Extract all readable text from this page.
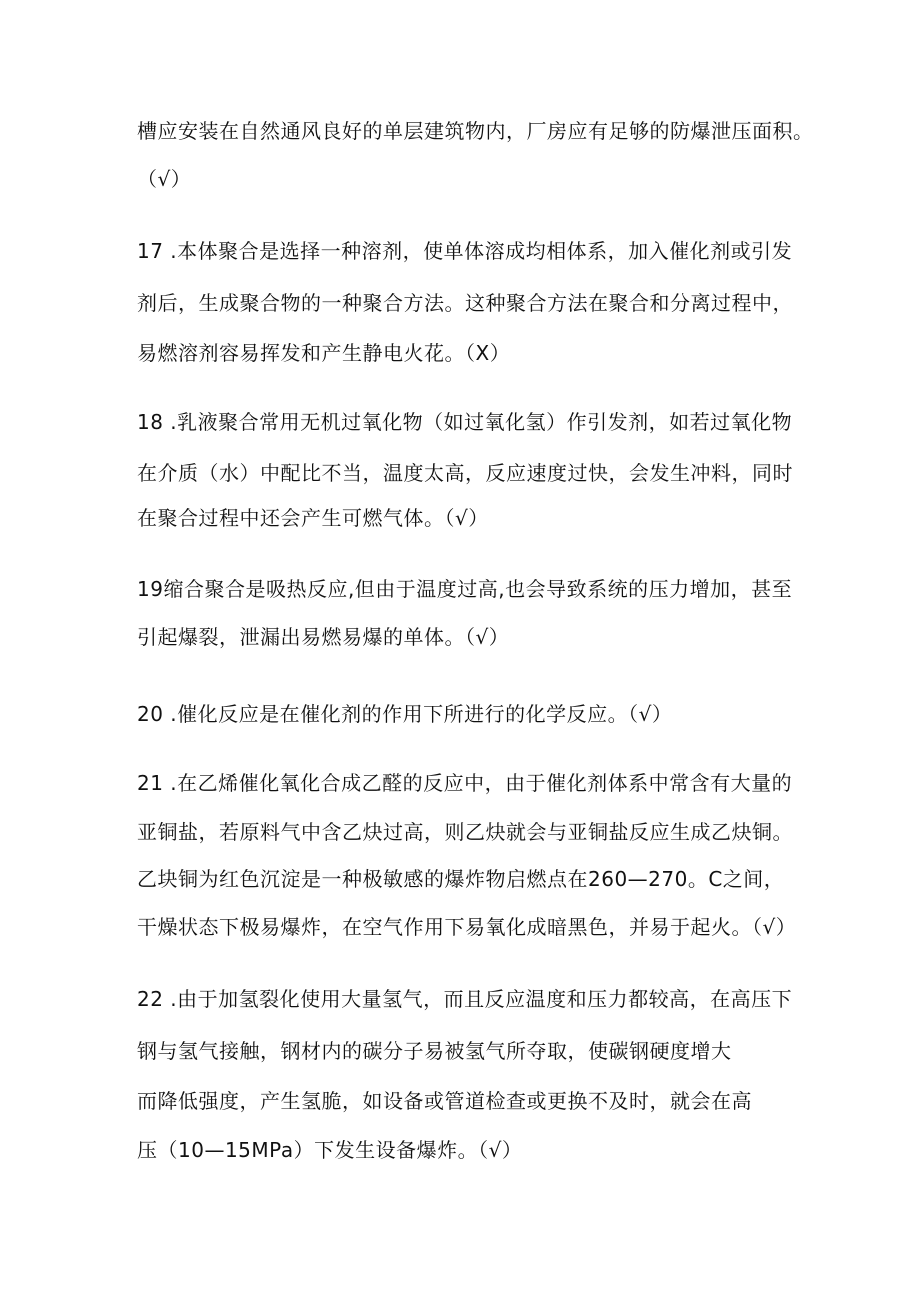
槽应安装在自然通风良好的单层建筑物内，厂房应有足够的防爆泄压面积。
（√）
17 .本体聚合是选择一种溶剂，使单体溶成均相体系，加入催化剂或引发
剂后，生成聚合物的一种聚合方法。这种聚合方法在聚合和分离过程中，
易燃溶剂容易挥发和产生静电火花。（X）
18 .乳液聚合常用无机过氧化物（如过氧化氢）作引发剂，如若过氧化物
在介质（水）中配比不当，温度太高，反应速度过快，会发生冲料，同时
在聚合过程中还会产生可燃气体。（√）
19缩合聚合是吸热反应,但由于温度过高,也会导致系统的压力增加，甚至
引起爆裂，泄漏出易燃易爆的单体。（√）
20 .催化反应是在催化剂的作用下所进行的化学反应。（√）
21 .在乙烯催化氧化合成乙醛的反应中，由于催化剂体系中常含有大量的
亚铜盐，若原料气中含乙炔过高，则乙炔就会与亚铜盐反应生成乙炔铜。
乙块铜为红色沉淀是一种极敏感的爆炸物启燃点在260—270。C之间，
干燥状态下极易爆炸，在空气作用下易氧化成暗黑色，并易于起火。（√）
22 .由于加氢裂化使用大量氢气，而且反应温度和压力都较高，在高压下
钢与氢气接触，钢材内的碳分子易被氢气所夺取，使碳钢硬度增大
而降低强度，产生氢脆，如设备或管道检查或更换不及时，就会在高
压（10—15MPa）下发生设备爆炸。（√）
